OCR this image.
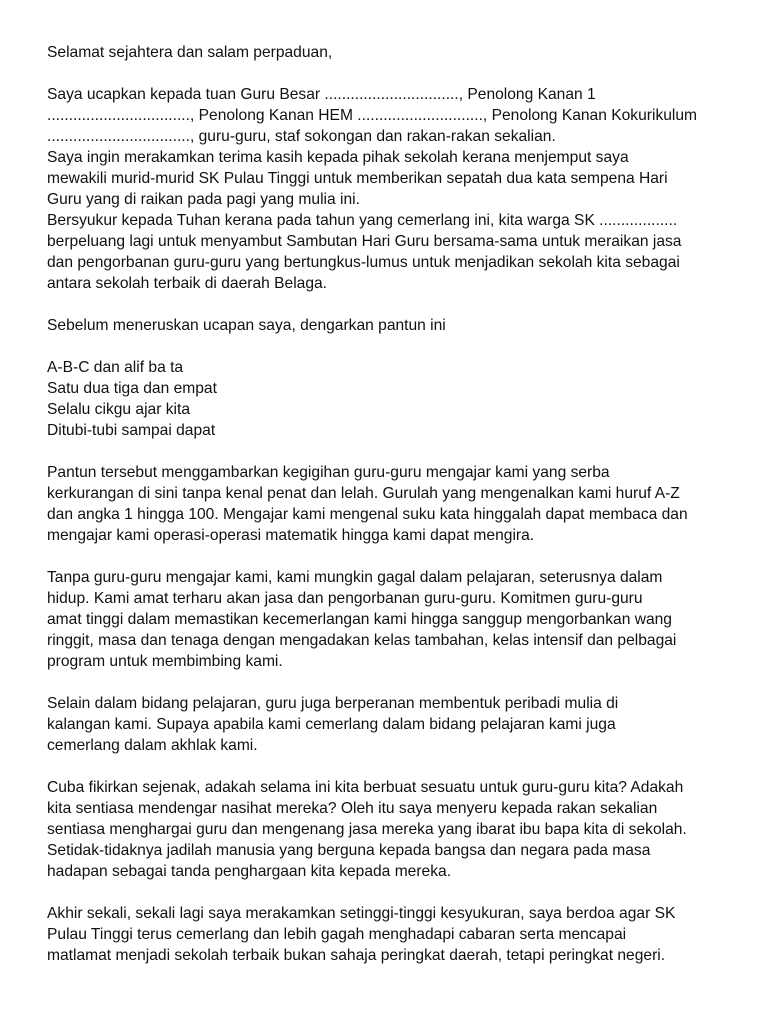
Selamat sejahtera dan salam perpaduan,
Saya ucapkan kepada tuan Guru Besar ..............................., Penolong Kanan 1
................................., Penolong Kanan HEM ............................., Penolong Kanan Kokurikulum
................................., guru-guru, staf sokongan dan rakan-rakan sekalian.
Saya ingin merakamkan terima kasih kepada pihak sekolah kerana menjemput saya
mewakili murid-murid SK Pulau Tinggi untuk memberikan sepatah dua kata sempena Hari
Guru yang di raikan pada pagi yang mulia ini.
Bersyukur kepada Tuhan kerana pada tahun yang cemerlang ini, kita warga SK ..................
berpeluang lagi untuk menyambut Sambutan Hari Guru bersama-sama untuk meraikan jasa
dan pengorbanan guru-guru yang bertungkus-lumus untuk menjadikan sekolah kita sebagai
antara sekolah terbaik di daerah Belaga.
Sebelum meneruskan ucapan saya, dengarkan pantun ini
A-B-C dan alif ba ta
Satu dua tiga dan empat
Selalu cikgu ajar kita
Ditubi-tubi sampai dapat
Pantun tersebut menggambarkan kegigihan guru-guru mengajar kami yang serba
kerkurangan di sini tanpa kenal penat dan lelah. Gurulah yang mengenalkan kami huruf A-Z
dan angka 1 hingga 100. Mengajar kami mengenal suku kata hinggalah dapat membaca dan
mengajar kami operasi-operasi matematik hingga kami dapat mengira.
Tanpa guru-guru mengajar kami, kami mungkin gagal dalam pelajaran, seterusnya dalam
hidup. Kami amat terharu akan jasa dan pengorbanan guru-guru. Komitmen guru-guru
amat tinggi dalam memastikan kecemerlangan kami hingga sanggup mengorbankan wang
ringgit, masa dan tenaga dengan mengadakan kelas tambahan, kelas intensif dan pelbagai
program untuk membimbing kami.
Selain dalam bidang pelajaran, guru juga berperanan membentuk peribadi mulia di
kalangan kami. Supaya apabila kami cemerlang dalam bidang pelajaran kami juga
cemerlang dalam akhlak kami.
Cuba fikirkan sejenak, adakah selama ini kita berbuat sesuatu untuk guru-guru kita? Adakah
kita sentiasa mendengar nasihat mereka? Oleh itu saya menyeru kepada rakan sekalian
sentiasa menghargai guru dan mengenang jasa mereka yang ibarat ibu bapa kita di sekolah.
Setidak-tidaknya jadilah manusia yang berguna kepada bangsa dan negara pada masa
hadapan sebagai tanda penghargaan kita kepada mereka.
Akhir sekali, sekali lagi saya merakamkan setinggi-tinggi kesyukuran, saya berdoa agar SK
Pulau Tinggi terus cemerlang dan lebih gagah menghadapi cabaran serta mencapai
matlamat menjadi sekolah terbaik bukan sahaja peringkat daerah, tetapi peringkat negeri.
